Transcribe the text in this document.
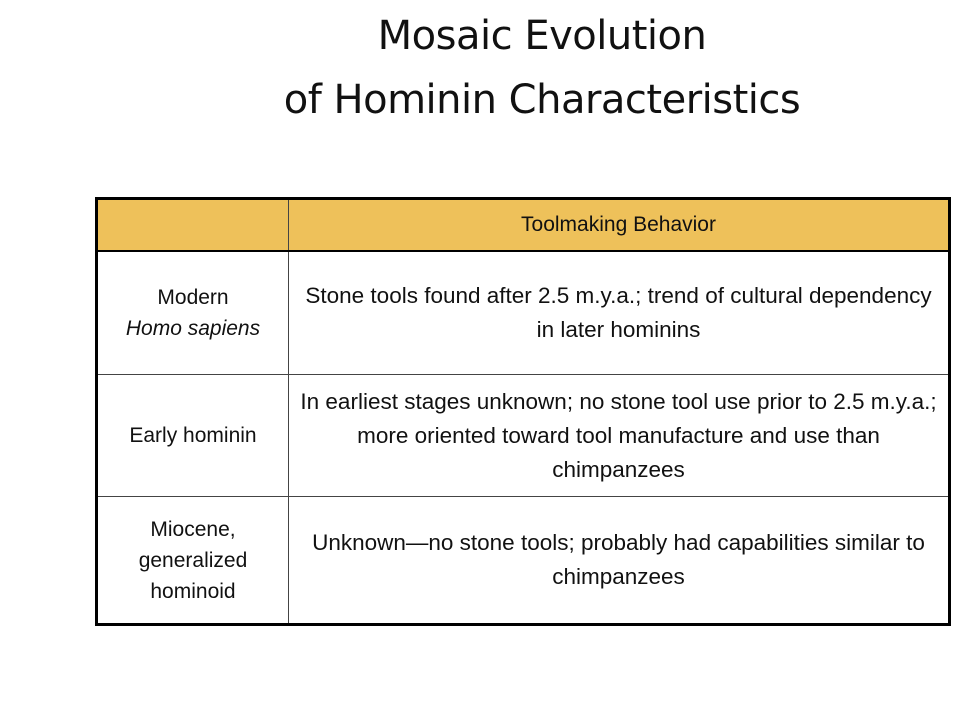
Mosaic Evolution
of Hominin Characteristics
	Toolmaking Behavior
Modern
Homo sapiens	Stone tools found after 2.5 m.y.a.; trend of cultural dependency in later hominins
Early hominin	In earliest stages unknown; no stone tool use prior to 2.5 m.y.a.; more oriented toward tool manufacture and use than chimpanzees
Miocene, generalized hominoid	Unknown—no stone tools; probably had capabilities similar to chimpanzees
